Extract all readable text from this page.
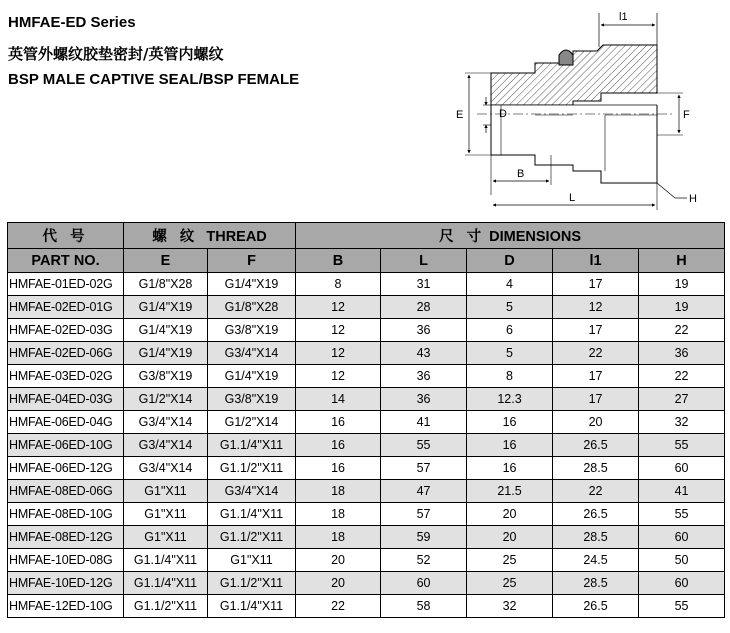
HMFAE-ED Series
英管外螺纹胶垫密封/英管内螺纹
BSP MALE CAPTIVE SEAL/BSP FEMALE
l1
E	D	F
B
L	H
代 号	螺 纹 THREAD		尺 寸 DIMENSIONS				
PART NO.	E	F	B	L	D	l1	H
HMFAE-01ED-02G	G1/8"X28	G1/4"X19	8	31	4	17	19
HMFAE-02ED-01G	G1/4"X19	G1/8"X28	12	28	5	12	19
HMFAE-02ED-03G	G1/4"X19	G3/8"X19	12	36	6	17	22
HMFAE-02ED-06G	G1/4"X19	G3/4"X14	12	43	5	22	36
HMFAE-03ED-02G	G3/8"X19	G1/4"X19	12	36	8	17	22
HMFAE-04ED-03G	G1/2"X14	G3/8"X19	14	36	12.3	17	27
HMFAE-06ED-04G	G3/4"X14	G1/2"X14	16	41	16	20	32
HMFAE-06ED-10G	G3/4"X14	G1.1/4"X11	16	55	16	26.5	55
HMFAE-06ED-12G	G3/4"X14	G1.1/2"X11	16	57	16	28.5	60
HMFAE-08ED-06G	G1"X11	G3/4"X14	18	47	21.5	22	41
HMFAE-08ED-10G	G1"X11	G1.1/4"X11	18	57	20	26.5	55
HMFAE-08ED-12G	G1"X11	G1.1/2"X11	18	59	20	28.5	60
HMFAE-10ED-08G	G1.1/4"X11	G1"X11	20	52	25	24.5	50
HMFAE-10ED-12G	G1.1/4"X11	G1.1/2"X11	20	60	25	28.5	60
HMFAE-12ED-10G	G1.1/2"X11	G1.1/4"X11	22	58	32	26.5	55
